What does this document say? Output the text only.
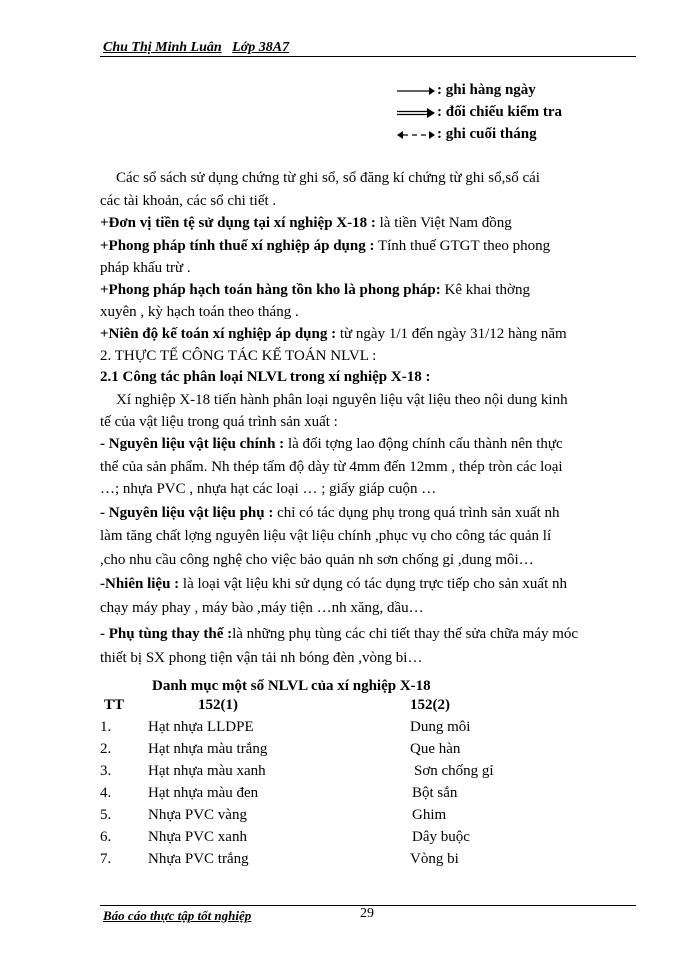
Chu Thị Minh Luân Lớp 38A7
: ghi hàng ngày
: đối chiếu kiểm tra
: ghi cuối tháng
Các sổ sách sử dụng chứng từ ghi sổ, sổ đăng kí chứng từ ghi sổ,sổ cái
các tài khoản, các sổ chi tiết .
+Đơn vị tiền tệ sử dụng tại xí nghiệp X-18 : là tiền Việt Nam đồng
+Phong pháp tính thuế xí nghiệp áp dụng : Tính thuế GTGT theo phong
pháp khấu trừ .
+Phong pháp hạch toán hàng tồn kho là phong pháp: Kê khai thờng
xuyên , kỳ hạch toán theo tháng .
+Niên độ kế toán xí nghiệp áp dụng : từ ngày 1/1 đến ngày 31/12 hàng năm
2. THỰC TẾ CÔNG TÁC KẾ TOÁN NLVL :
2.1 Công tác phân loại NLVL trong xí nghiệp X-18 :
Xí nghiệp X-18 tiến hành phân loại nguyên liệu vật liệu theo nội dung kinh
tế của vật liệu trong quá trình sản xuất :
- Nguyên liệu vật liệu chính : là đối tợng lao động chính cấu thành nên thực
thể của sản phẩm. Nh thép tấm độ dày từ 4mm đến 12mm , thép tròn các loại
…; nhựa PVC , nhựa hạt các loại … ; giấy giáp cuộn …
- Nguyên liệu vật liệu phụ : chỉ có tác dụng phụ trong quá trình sản xuất nh
làm tăng chất lợng nguyên liệu vật liệu chính ,phục vụ cho công tác quản lí
,cho nhu cầu công nghệ cho việc bảo quản nh sơn chống gỉ ,dung môi…
-Nhiên liệu : là loại vật liệu khi sử dụng có tác dụng trực tiếp cho sản xuất nh
chạy máy phay , máy bào ,máy tiện …nh xăng, dầu…
- Phụ tùng thay thế :là những phụ tùng các chi tiết thay thế sửa chữa máy móc
thiết bị SX phong tiện vận tải nh bóng đèn ,vòng bi…
Danh mục một số NLVL của xí nghiệp X-18
TT	152(1)	152(2)
1. Hạt nhựa LLDPE	Dung môi
2. Hạt nhựa màu trắng	Que hàn
3. Hạt nhựa màu xanh	Sơn chống gỉ
4. Hạt nhựa màu đen	Bột sắn
5. Nhựa PVC vàng	Ghim
6. Nhựa PVC xanh	Dây buộc
7. Nhựa PVC trắng	Vòng bi
Báo cáo thực tập tốt nghiệp	29
